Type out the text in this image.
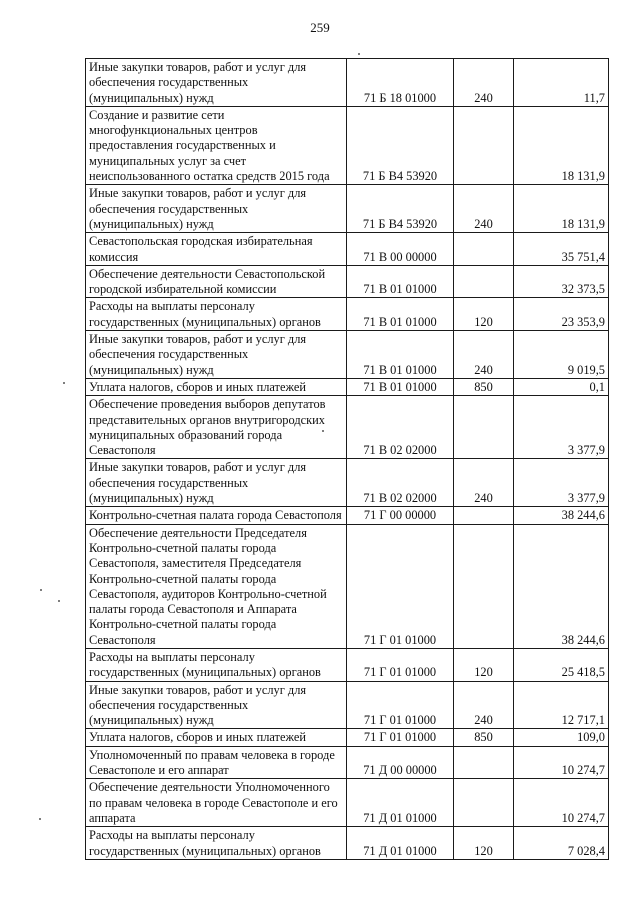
259
Иные закупки товаров, работ и услуг для обеспечения государственных (муниципальных) нужд	71 Б 18 01000	240	11,7
Создание и развитие сети многофункциональных центров предоставления государственных и муниципальных услуг за счет неиспользованного остатка средств 2015 года	71 Б В4 53920		18 131,9
Иные закупки товаров, работ и услуг для обеспечения государственных (муниципальных) нужд	71 Б В4 53920	240	18 131,9
Севастопольская городская избирательная комиссия	71 В 00 00000		35 751,4
Обеспечение деятельности Севастопольской городской избирательной комиссии	71 В 01 01000		32 373,5
Расходы на выплаты персоналу государственных (муниципальных) органов	71 В 01 01000	120	23 353,9
Иные закупки товаров, работ и услуг для обеспечения государственных (муниципальных) нужд	71 В 01 01000	240	9 019,5
Уплата налогов, сборов и иных платежей	71 В 01 01000	850	0,1
Обеспечение проведения выборов депутатов представительных органов внутригородских муниципальных образований города Севастополя	71 В 02 02000		3 377,9
Иные закупки товаров, работ и услуг для обеспечения государственных (муниципальных) нужд	71 В 02 02000	240	3 377,9
Контрольно-счетная палата города Севастополя	71 Г 00 00000		38 244,6
Обеспечение деятельности Председателя Контрольно-счетной палаты города Севастополя, заместителя Председателя Контрольно-счетной палаты города Севастополя, аудиторов Контрольно-счетной палаты города Севастополя и Аппарата Контрольно-счетной палаты города Севастополя	71 Г 01 01000		38 244,6
Расходы на выплаты персоналу государственных (муниципальных) органов	71 Г 01 01000	120	25 418,5
Иные закупки товаров, работ и услуг для обеспечения государственных (муниципальных) нужд	71 Г 01 01000	240	12 717,1
Уплата налогов, сборов и иных платежей	71 Г 01 01000	850	109,0
Уполномоченный по правам человека в городе Севастополе и его аппарат	71 Д 00 00000		10 274,7
Обеспечение деятельности Уполномоченного по правам человека в городе Севастополе и его аппарата	71 Д 01 01000		10 274,7
Расходы на выплаты персоналу государственных (муниципальных) органов	71 Д 01 01000	120	7 028,4
